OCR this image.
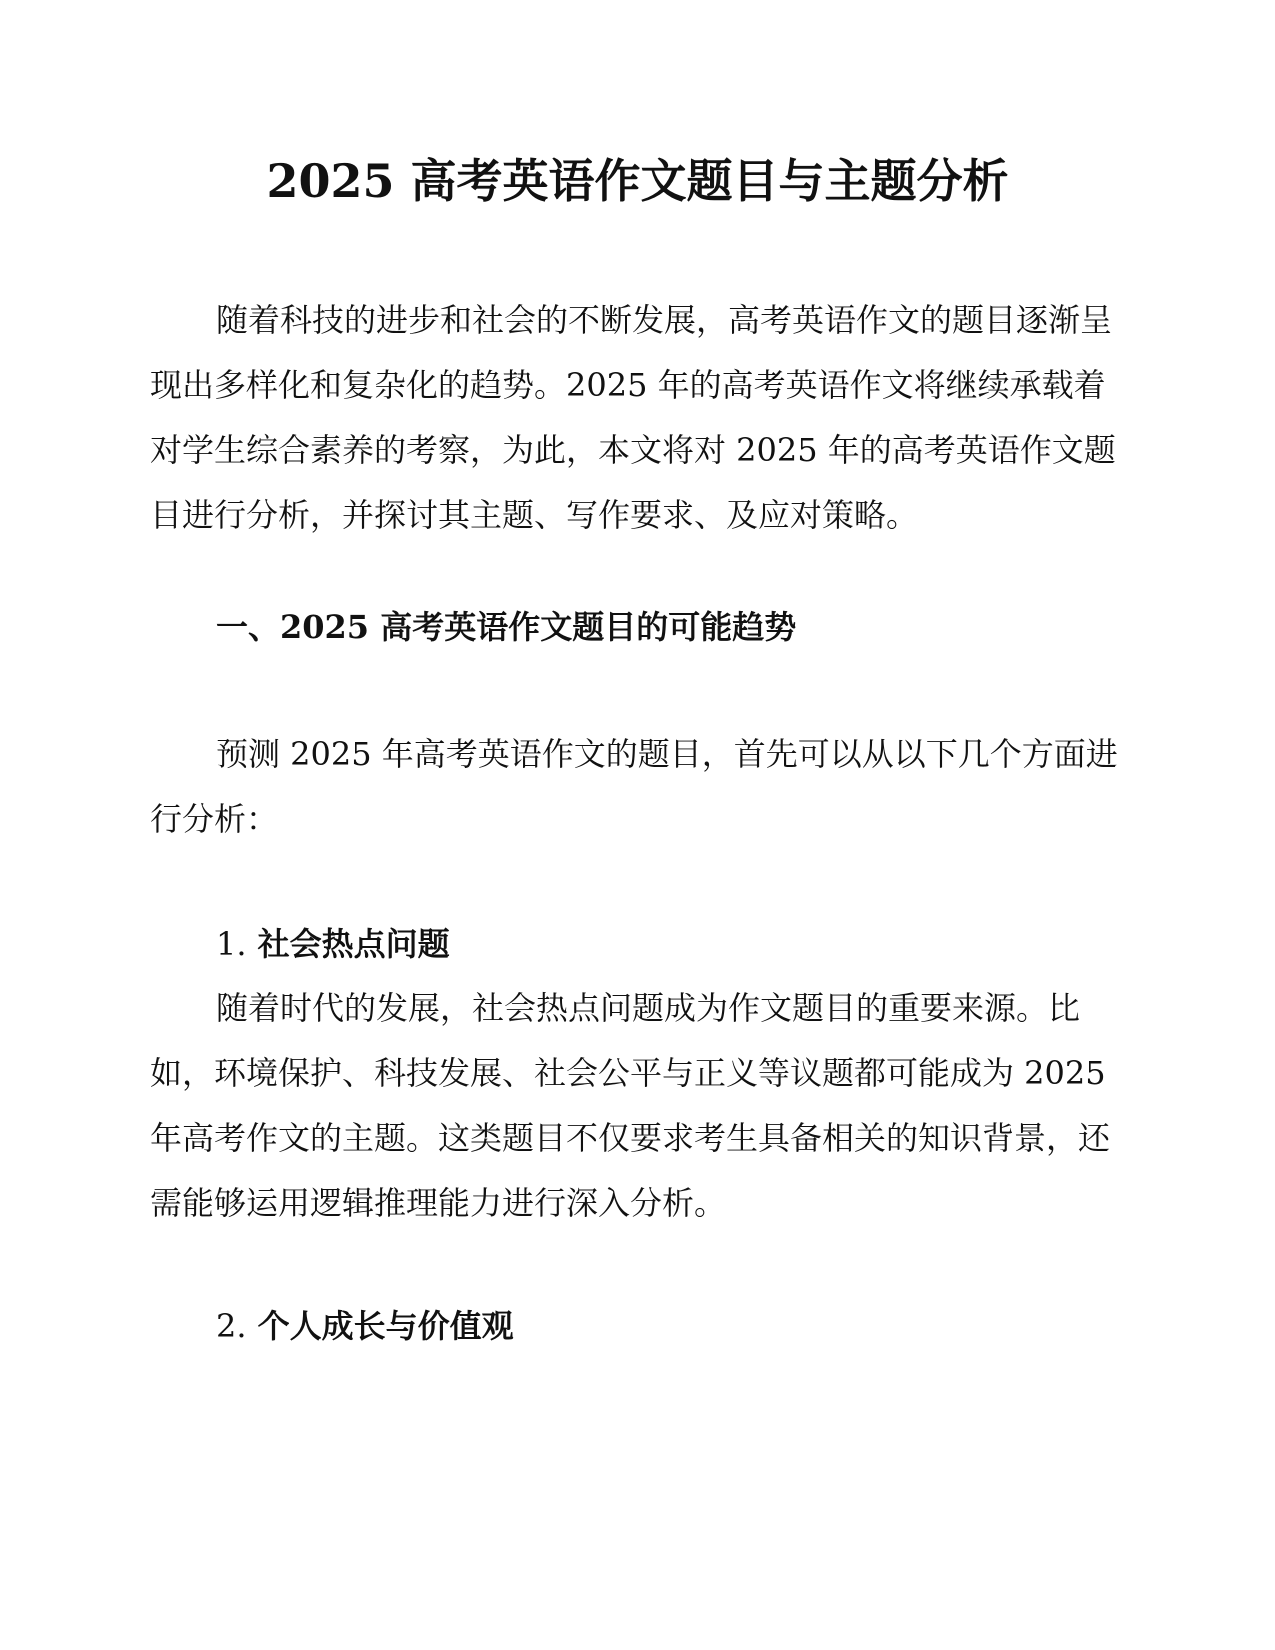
2025 高考英语作文题目与主题分析

随着科技的进步和社会的不断发展，高考英语作文的题目逐渐呈现出多样化和复杂化的趋势。2025 年的高考英语作文将继续承载着对学生综合素养的考察，为此，本文将对 2025 年的高考英语作文题目进行分析，并探讨其主题、写作要求、及应对策略。

一、2025 高考英语作文题目的可能趋势

预测 2025 年高考英语作文的题目，首先可以从以下几个方面进行分析：

1. 社会热点问题

随着时代的发展，社会热点问题成为作文题目的重要来源。比如，环境保护、科技发展、社会公平与正义等议题都可能成为 2025 年高考作文的主题。这类题目不仅要求考生具备相关的知识背景，还需能够运用逻辑推理能力进行深入分析。

2. 个人成长与价值观
